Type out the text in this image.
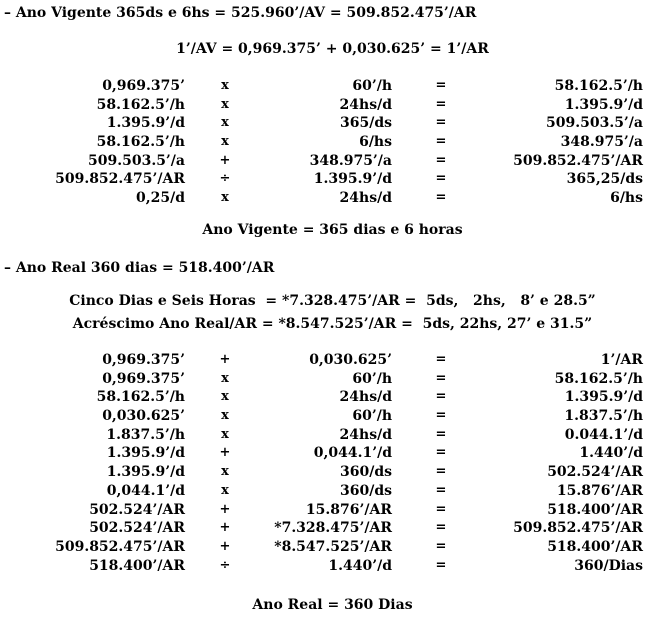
– Ano Vigente 365ds e 6hs = 525.960’/AV = 509.852.475’/AR
1’/AV = 0,969.375’ + 0,030.625’ = 1’/AR
0,969.375’	x	60’/h	=	58.162.5’/h
58.162.5’/h	x	24hs/d	=	1.395.9’/d
1.395.9’/d	x	365/ds	=	509.503.5’/a
58.162.5’/h	x	6/hs	=	348.975’/a
509.503.5’/a	+	348.975’/a	=	509.852.475’/AR
509.852.475’/AR	÷	1.395.9’/d	=	365,25/ds
0,25/d	x	24hs/d	=	6/hs
Ano Vigente = 365 dias e 6 horas
– Ano Real 360 dias = 518.400’/AR
Cinco Dias e Seis Horas  = *7.328.475’/AR =  5ds,   2hs,   8’ e 28.5”
Acréscimo Ano Real/AR = *8.547.525’/AR =  5ds, 22hs, 27’ e 31.5”
0,969.375’	+	0,030.625’	=	1’/AR
0,969.375’	x	60’/h	=	58.162.5’/h
58.162.5’/h	x	24hs/d	=	1.395.9’/d
0,030.625’	x	60’/h	=	1.837.5’/h
1.837.5’/h	x	24hs/d	=	0.044.1’/d
1.395.9’/d	+	0,044.1’/d	=	1.440’/d
1.395.9’/d	x	360/ds	=	502.524’/AR
0,044.1’/d	x	360/ds	=	15.876’/AR
502.524’/AR	+	15.876’/AR	=	518.400’/AR
502.524’/AR	+	*7.328.475’/AR	=	509.852.475’/AR
509.852.475’/AR	+	*8.547.525’/AR	=	518.400’/AR
518.400’/AR	÷	1.440’/d	=	360/Dias
Ano Real = 360 Dias
